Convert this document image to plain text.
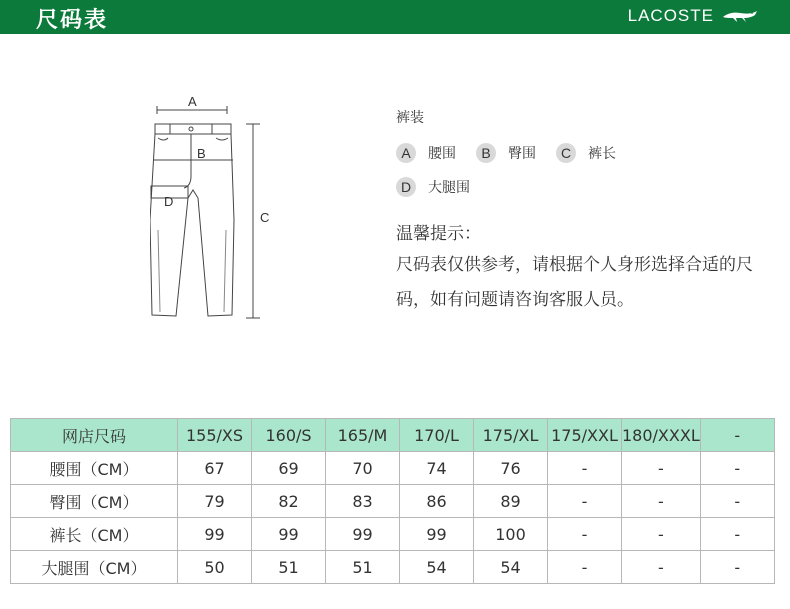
尺码表	LACOSTE
A
B
C
D
裤装
A	腰围	B	臀围	C	裤长
D	大腿围
温馨提示：
尺码表仅供参考，请根据个人身形选择合适的尺码，如有问题请咨询客服人员。
网店尺码	155/XS	160/S	165/M	170/L	175/XL	175/XXL	180/XXXL	-
腰围（CM）	67	69	70	74	76	-	-	-
臀围（CM）	79	82	83	86	89	-	-	-
裤长（CM）	99	99	99	99	100	-	-	-
大腿围（CM）	50	51	51	54	54	-	-	-
